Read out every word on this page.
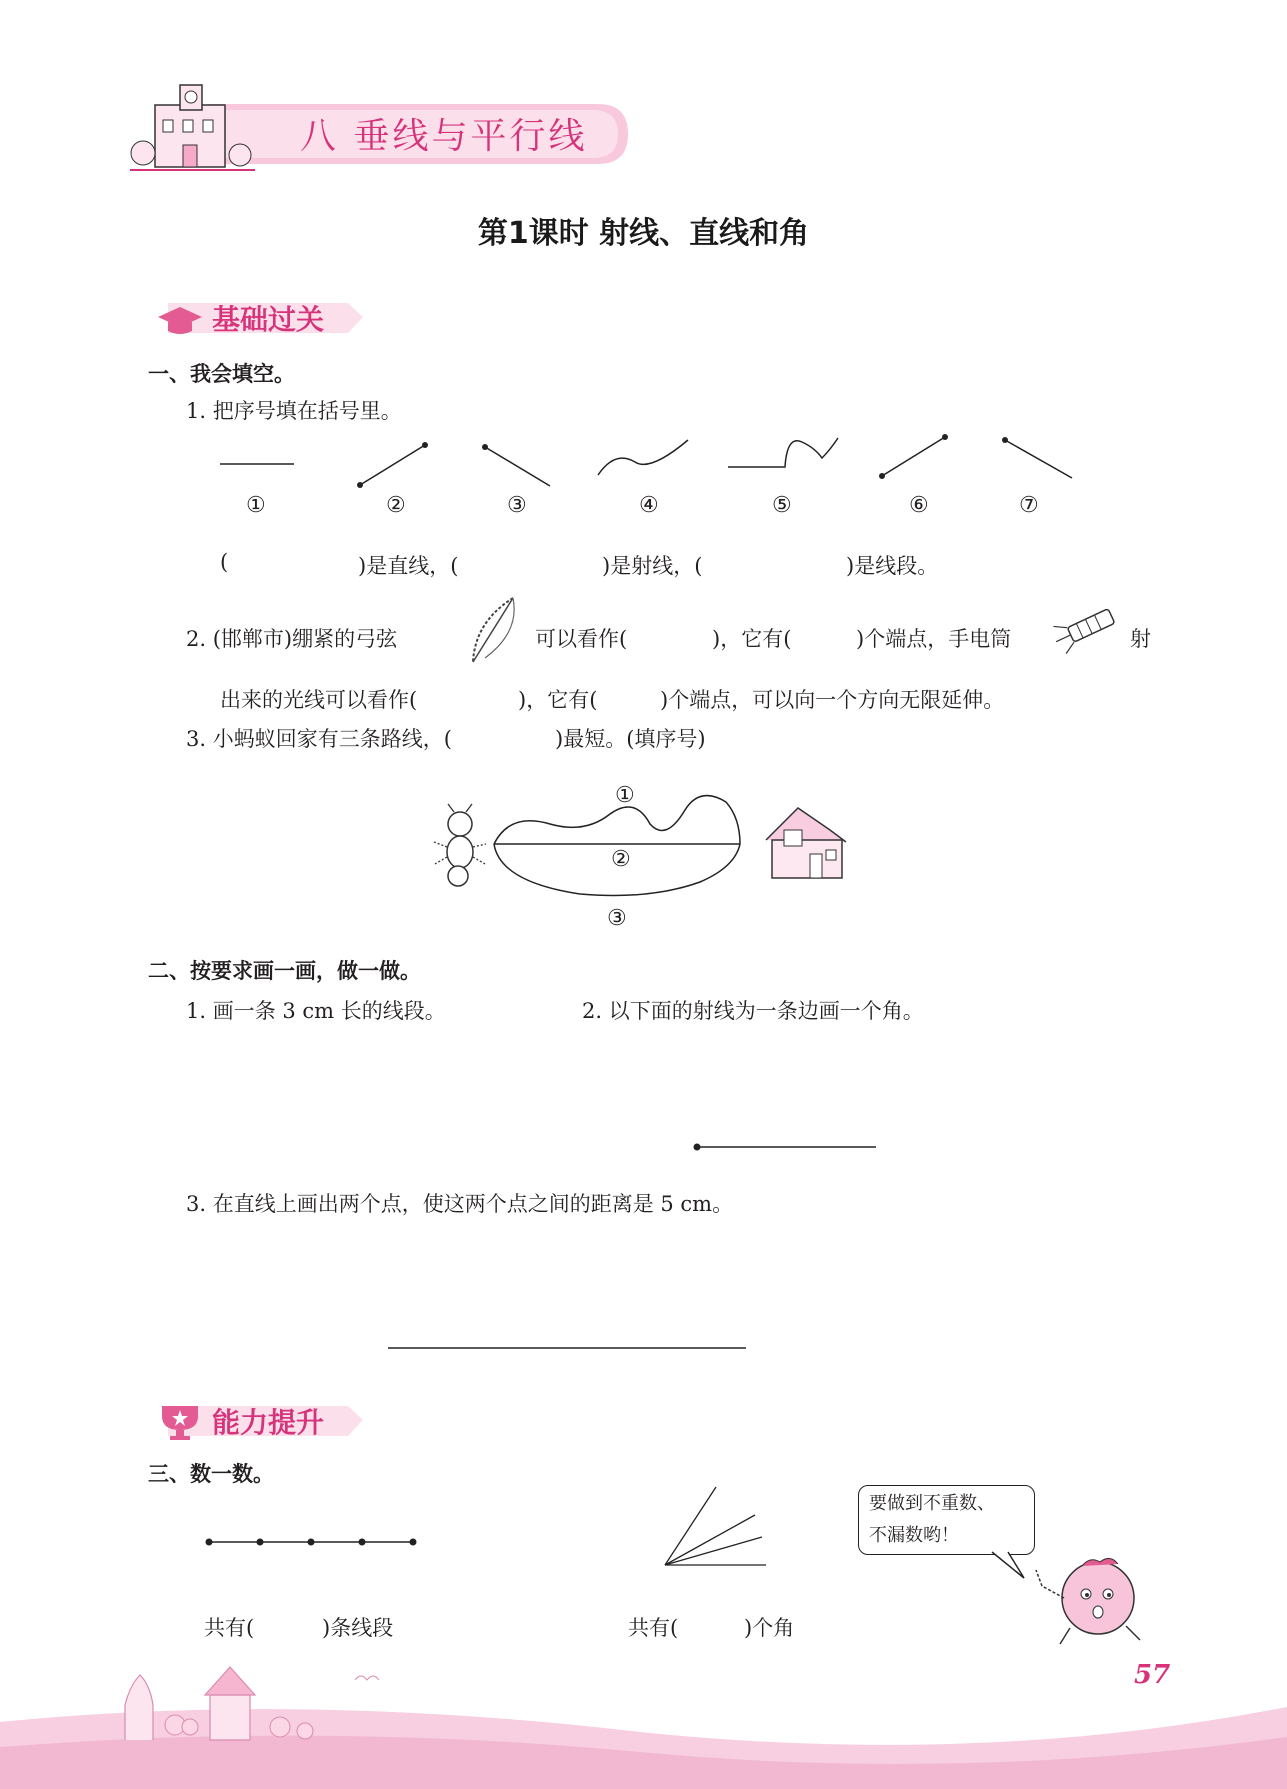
八 垂线与平行线
第1课时 射线、直线和角
基础过关
一、我会填空。
1. 把序号填在括号里。
①	②	③	④	⑤	⑥	⑦
(	)是直线，(	)是射线，(	)是线段。
2. (邯郸市)绷紧的弓弦	可以看作(	)，它有(	)个端点，手电筒	射
出来的光线可以看作(	)，它有(	)个端点，可以向一个方向无限延伸。
3. 小蚂蚁回家有三条路线，(	)最短。(填序号)
①
②
③
二、按要求画一画，做一做。
1. 画一条 3 cm 长的线段。	2. 以下面的射线为一条边画一个角。
3. 在直线上画出两个点，使这两个点之间的距离是 5 cm。
能力提升
三、数一数。
共有(	)条线段	共有(	)个角
要做到不重数、
不漏数哟！
57
